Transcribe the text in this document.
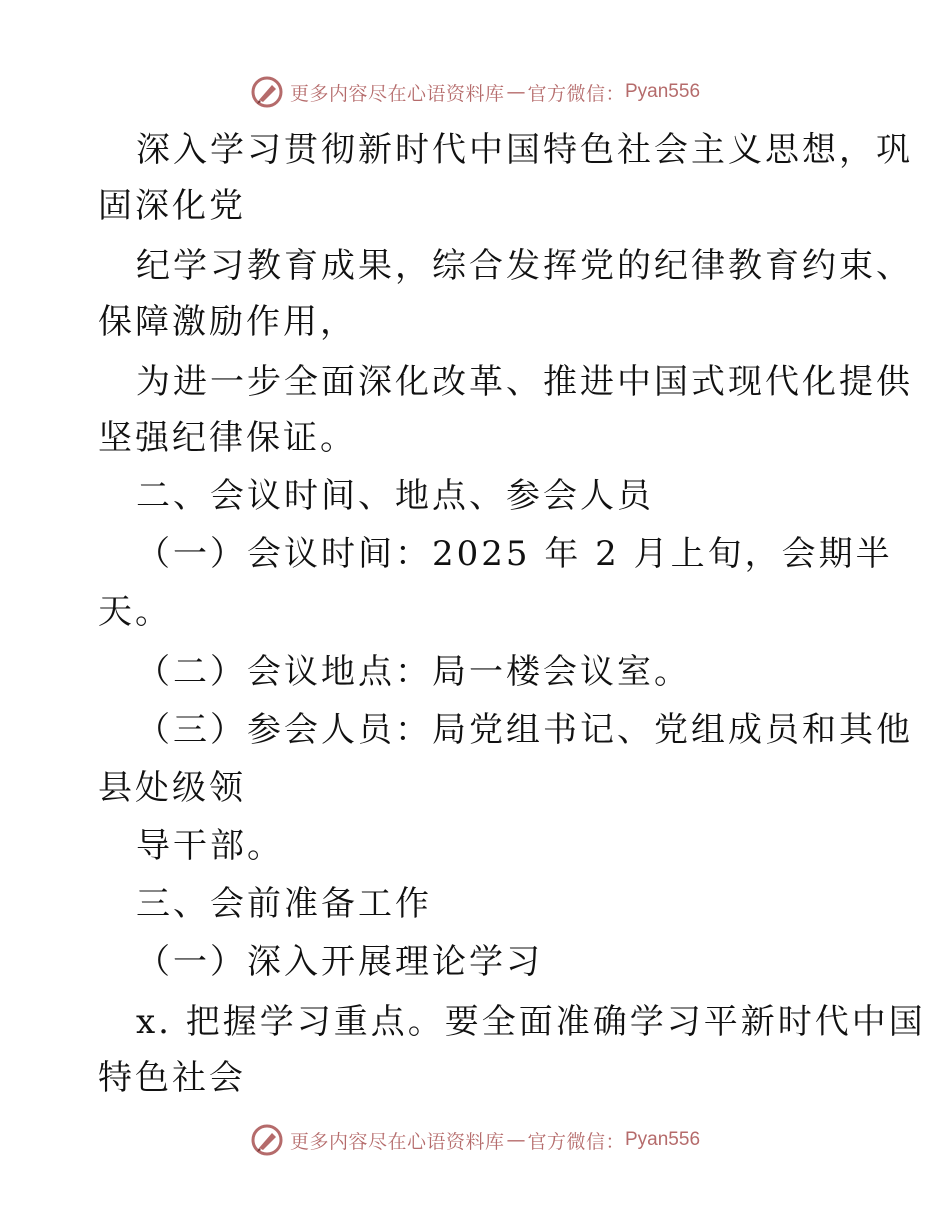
更多内容尽在心语资料库 — 官方微信： Pyan556
深入学习贯彻新时代中国特色社会主义思想，巩
固深化党
纪学习教育成果，综合发挥党的纪律教育约束、
保障激励作用，
为进一步全面深化改革、推进中国式现代化提供
坚强纪律保证。
二、会议时间、地点、参会人员
（一）会议时间：2025 年 2 月上旬，会期半
天。
（二）会议地点：局一楼会议室。
（三）参会人员：局党组书记、党组成员和其他
县处级领
导干部。
三、会前准备工作
（一）深入开展理论学习
x. 把握学习重点。要全面准确学习平新时代中国
特色社会
更多内容尽在心语资料库 — 官方微信： Pyan556
